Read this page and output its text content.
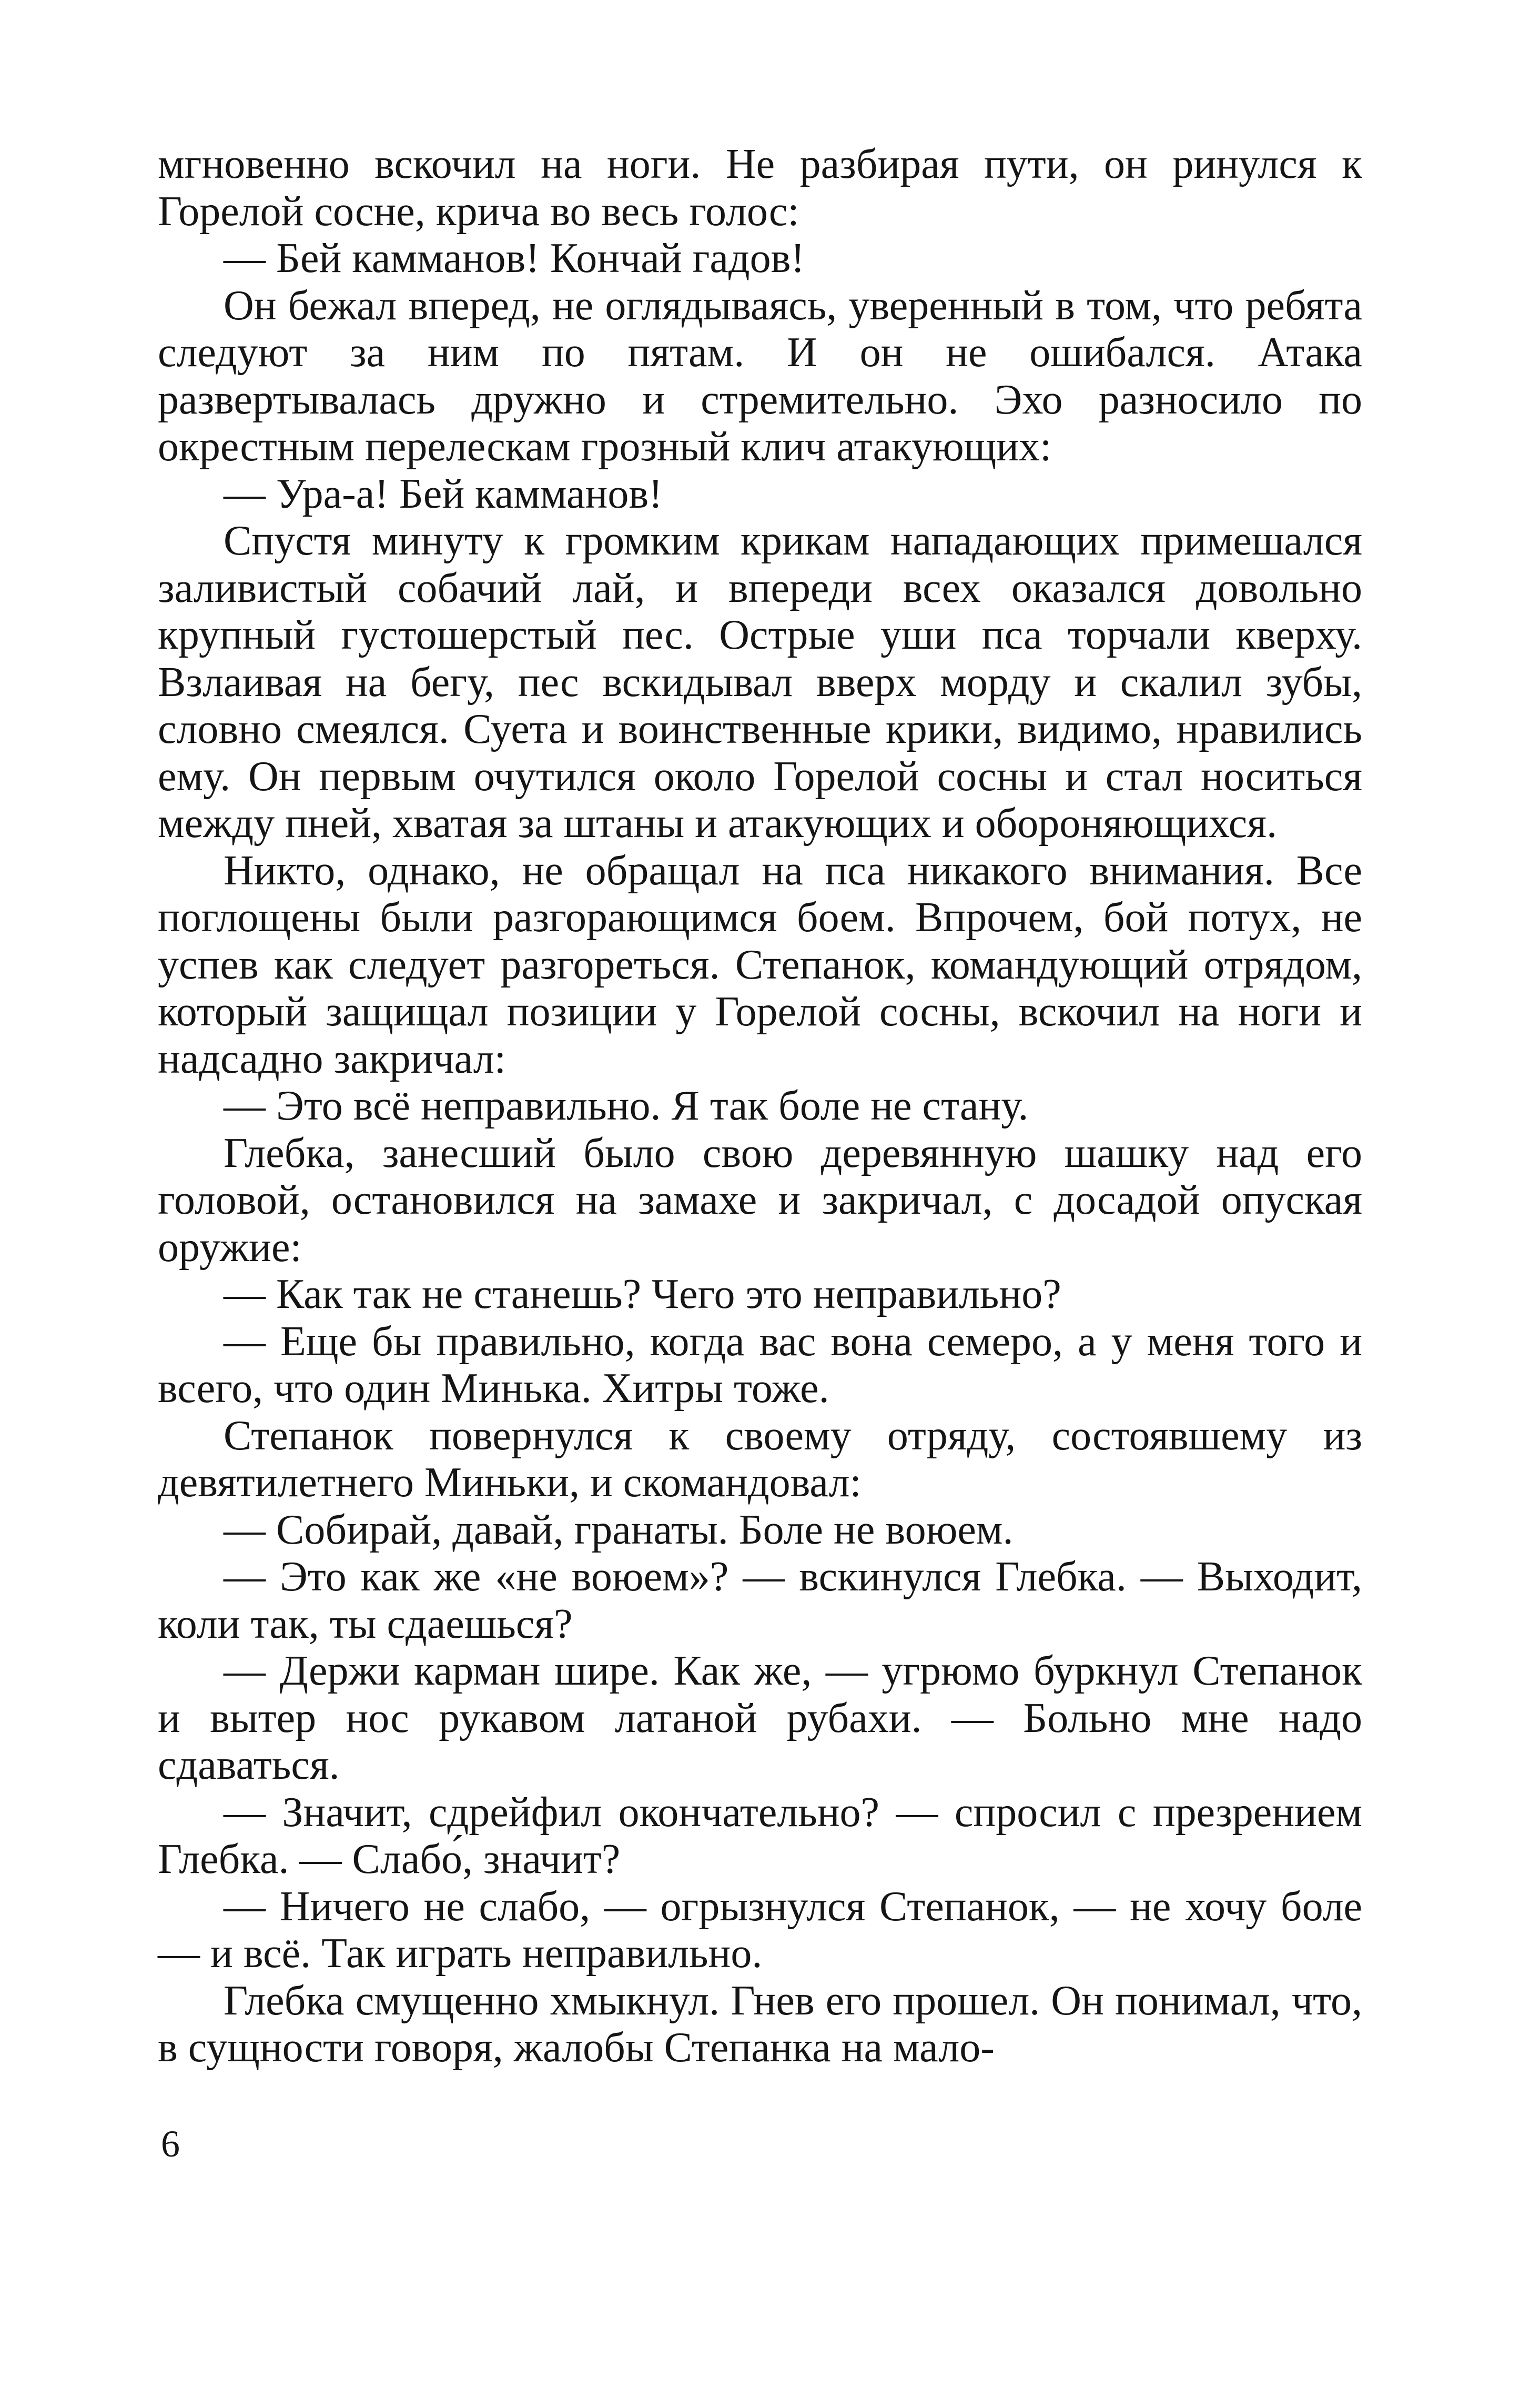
мгновенно вскочил на ноги. Не разбирая пути, он ринулся к Горелой сосне, крича во весь голос:

— Бей камманов! Кончай гадов!

Он бежал вперед, не оглядываясь, уверенный в том, что ребята следуют за ним по пятам. И он не ошибался. Атака развертывалась дружно и стремительно. Эхо разносило по окрестным перелескам грозный клич атакующих:

— Ура-а! Бей камманов!

Спустя минуту к громким крикам нападающих примешался заливистый собачий лай, и впереди всех оказался довольно крупный густошерстый пес. Острые уши пса торчали кверху. Взлаивая на бегу, пес вскидывал вверх морду и скалил зубы, словно смеялся. Суета и воинственные крики, видимо, нравились ему. Он первым очутился около Горелой сосны и стал носиться между пней, хватая за штаны и атакующих и обороняющихся.

Никто, однако, не обращал на пса никакого внимания. Все поглощены были разгорающимся боем. Впрочем, бой потух, не успев как следует разгореться. Степанок, командующий отрядом, который защищал позиции у Горелой сосны, вскочил на ноги и надсадно закричал:

— Это всё неправильно. Я так боле не стану.

Глебка, занесший было свою деревянную шашку над его головой, остановился на замахе и закричал, с досадой опуская оружие:

— Как так не станешь? Чего это неправильно?

— Еще бы правильно, когда вас вона семеро, а у меня того и всего, что один Минька. Хитры тоже.

Степанок повернулся к своему отряду, состоявшему из девятилетнего Миньки, и скомандовал:

— Собирай, давай, гранаты. Боле не воюем.

— Это как же «не воюем»? — вскинулся Глебка. — Выходит, коли так, ты сдаешься?

— Держи карман шире. Как же, — угрюмо буркнул Степанок и вытер нос рукавом латаной рубахи. — Больно мне надо сдаваться.

— Значит, сдрейфил окончательно? — спросил с презрением Глебка. — Слабо́, значит?

— Ничего не слабо, — огрызнулся Степанок, — не хочу боле — и всё. Так играть неправильно.

Глебка смущенно хмыкнул. Гнев его прошел. Он понимал, что, в сущности говоря, жалобы Степанка на мало-

6
